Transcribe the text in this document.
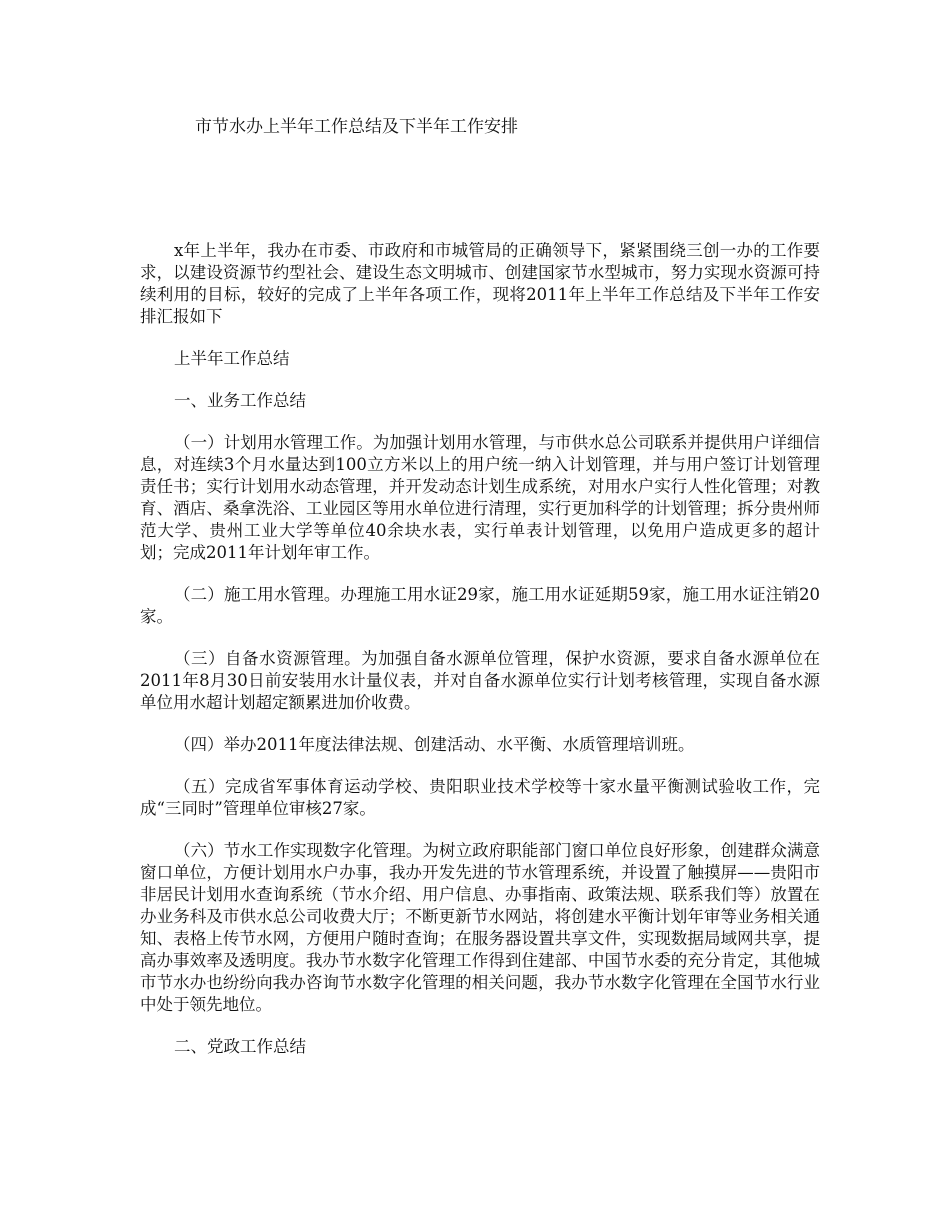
市节水办上半年工作总结及下半年工作安排

x年上半年，我办在市委、市政府和市城管局的正确领导下，紧紧围绕三创一办的工作要求，以建设资源节约型社会、建设生态文明城市、创建国家节水型城市，努力实现水资源可持续利用的目标，较好的完成了上半年各项工作，现将2011年上半年工作总结及下半年工作安排汇报如下

上半年工作总结

一、业务工作总结

（一）计划用水管理工作。为加强计划用水管理，与市供水总公司联系并提供用户详细信息，对连续3个月水量达到100立方米以上的用户统一纳入计划管理，并与用户签订计划管理责任书；实行计划用水动态管理，并开发动态计划生成系统，对用水户实行人性化管理；对教育、酒店、桑拿洗浴、工业园区等用水单位进行清理，实行更加科学的计划管理；拆分贵州师范大学、贵州工业大学等单位40余块水表，实行单表计划管理，以免用户造成更多的超计划；完成2011年计划年审工作。

（二）施工用水管理。办理施工用水证29家，施工用水证延期59家，施工用水证注销20家。

（三）自备水资源管理。为加强自备水源单位管理，保护水资源，要求自备水源单位在2011年8月30日前安装用水计量仪表，并对自备水源单位实行计划考核管理，实现自备水源单位用水超计划超定额累进加价收费。

（四）举办2011年度法律法规、创建活动、水平衡、水质管理培训班。

（五）完成省军事体育运动学校、贵阳职业技术学校等十家水量平衡测试验收工作，完成“三同时”管理单位审核27家。

（六）节水工作实现数字化管理。为树立政府职能部门窗口单位良好形象，创建群众满意窗口单位，方便计划用水户办事，我办开发先进的节水管理系统，并设置了触摸屏——贵阳市非居民计划用水查询系统（节水介绍、用户信息、办事指南、政策法规、联系我们等）放置在办业务科及市供水总公司收费大厅；不断更新节水网站，将创建水平衡计划年审等业务相关通知、表格上传节水网，方便用户随时查询；在服务器设置共享文件，实现数据局域网共享，提高办事效率及透明度。我办节水数字化管理工作得到住建部、中国节水委的充分肯定，其他城市节水办也纷纷向我办咨询节水数字化管理的相关问题，我办节水数字化管理在全国节水行业中处于领先地位。

二、党政工作总结
